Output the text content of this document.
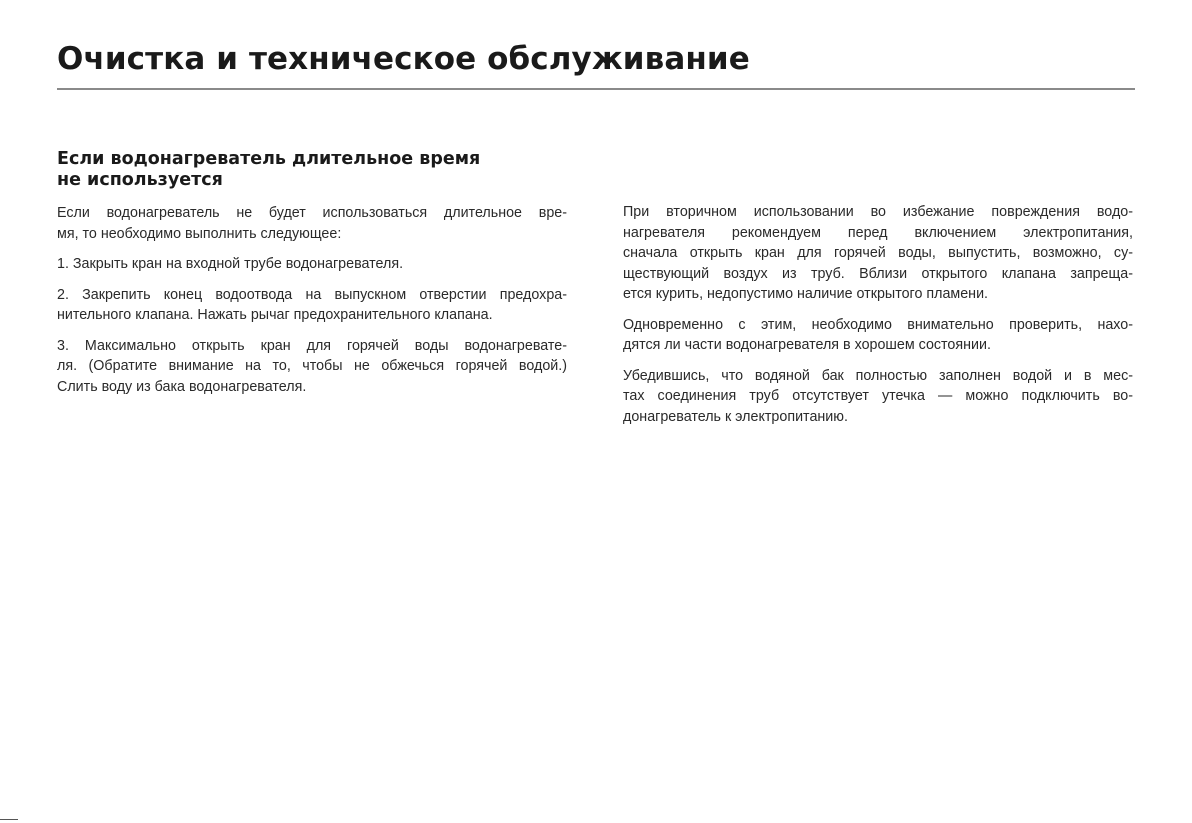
Очистка и техническое обслуживание
Если водонагреватель длительное время
не используется

Если водонагреватель не будет использоваться длительное вре-
мя, то необходимо выполнить следующее:

1. Закрыть кран на входной трубе водонагревателя.

2. Закрепить конец водоотвода на выпускном отверстии предохра-
нительного клапана. Нажать рычаг предохранительного клапана.

3. Максимально открыть кран для горячей воды водонагревате-
ля. (Обратите внимание на то, чтобы не обжечься горячей водой.)
Слить воду из бака водонагревателя.

При вторичном использовании во избежание повреждения водо-
нагревателя рекомендуем перед включением электропитания,
сначала открыть кран для горячей воды, выпустить, возможно, су-
ществующий воздух из труб. Вблизи открытого клапана запреща-
ется курить, недопустимо наличие открытого пламени.

Одновременно с этим, необходимо внимательно проверить, нахо-
дятся ли части водонагревателя в хорошем состоянии.

Убедившись, что водяной бак полностью заполнен водой и в мес-
тах соединения труб отсутствует утечка — можно подключить во-
донагреватель к электропитанию.
